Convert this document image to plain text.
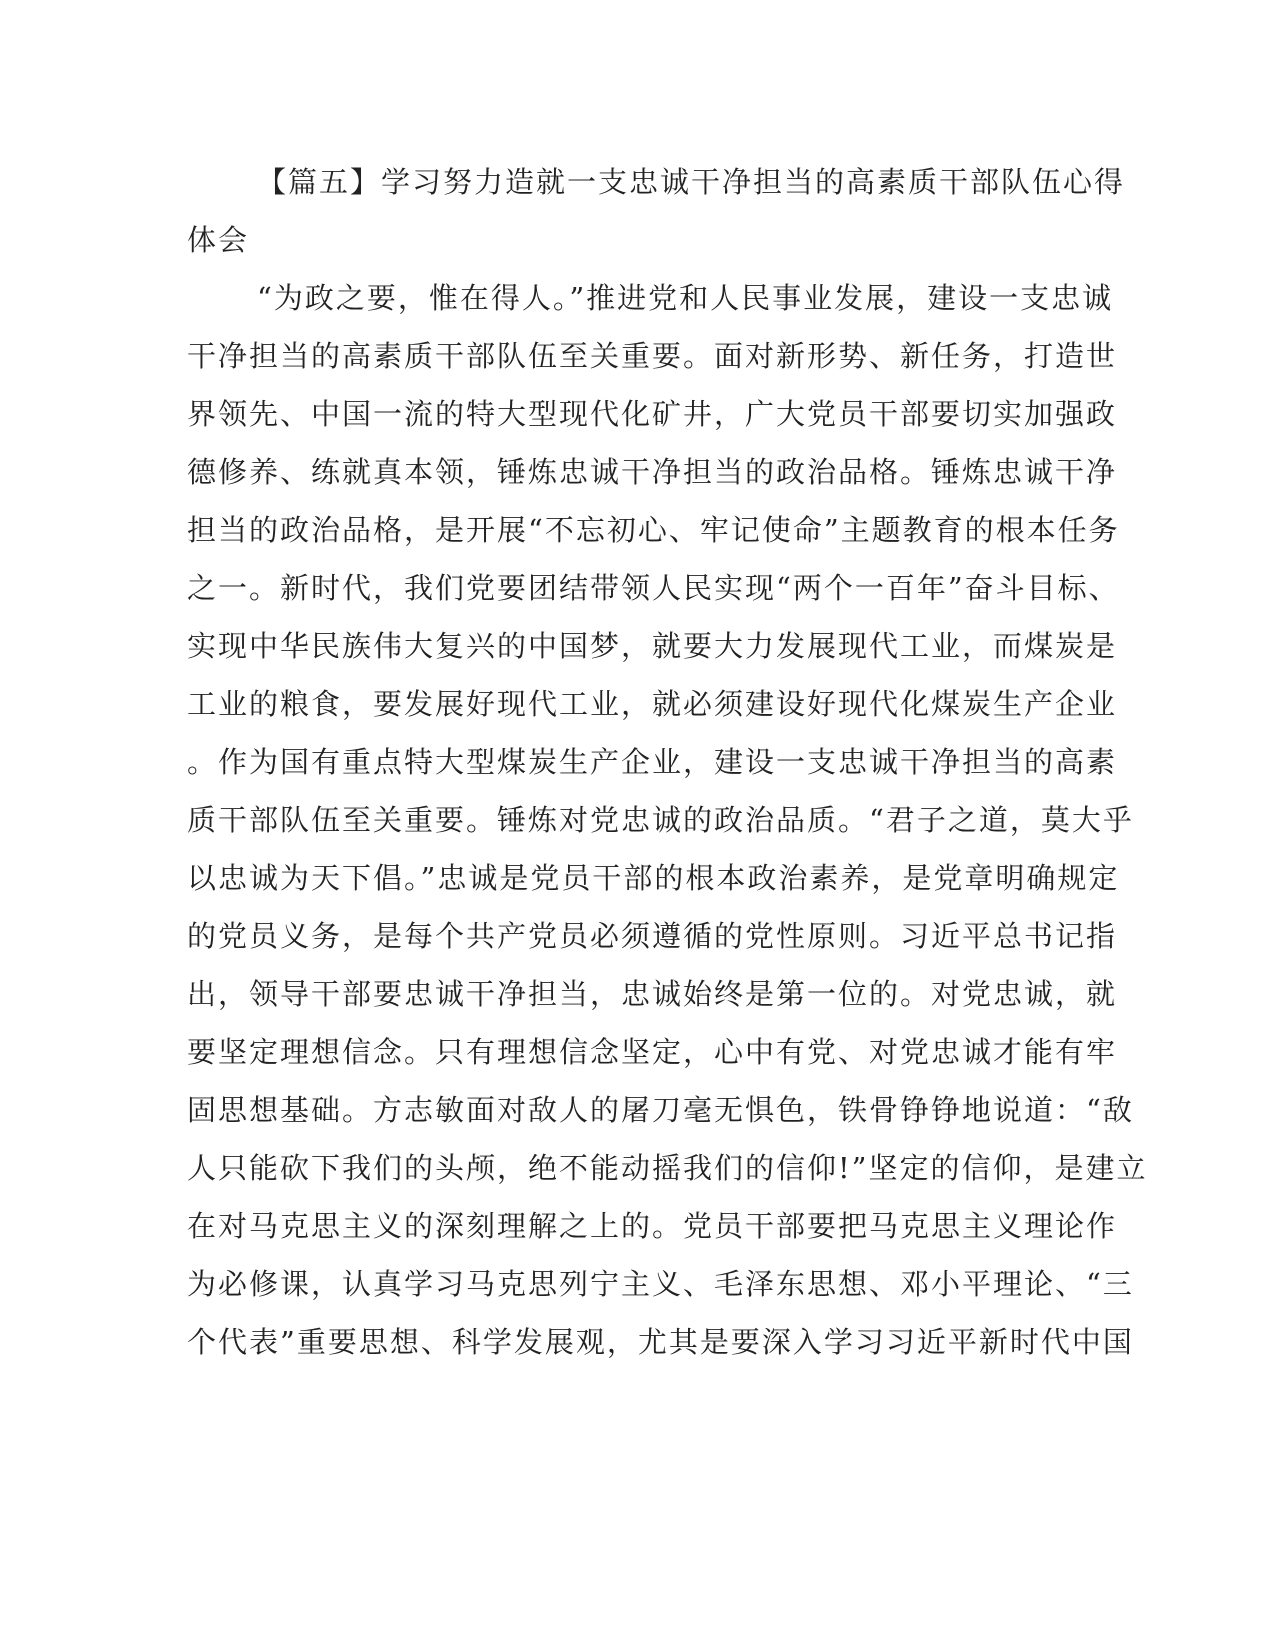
【篇五】学习努力造就一支忠诚干净担当的高素质干部队伍心得
体会
“为政之要，惟在得人。”推进党和人民事业发展，建设一支忠诚
干净担当的高素质干部队伍至关重要。面对新形势、新任务，打造世
界领先、中国一流的特大型现代化矿井，广大党员干部要切实加强政
德修养、练就真本领，锤炼忠诚干净担当的政治品格。锤炼忠诚干净
担当的政治品格，是开展“不忘初心、牢记使命”主题教育的根本任务
之一。新时代，我们党要团结带领人民实现“两个一百年”奋斗目标、
实现中华民族伟大复兴的中国梦，就要大力发展现代工业，而煤炭是
工业的粮食，要发展好现代工业，就必须建设好现代化煤炭生产企业
。作为国有重点特大型煤炭生产企业，建设一支忠诚干净担当的高素
质干部队伍至关重要。锤炼对党忠诚的政治品质。“君子之道，莫大乎
以忠诚为天下倡。”忠诚是党员干部的根本政治素养，是党章明确规定
的党员义务，是每个共产党员必须遵循的党性原则。习近平总书记指
出，领导干部要忠诚干净担当，忠诚始终是第一位的。对党忠诚，就
要坚定理想信念。只有理想信念坚定，心中有党、对党忠诚才能有牢
固思想基础。方志敏面对敌人的屠刀毫无惧色，铁骨铮铮地说道：“敌
人只能砍下我们的头颅，绝不能动摇我们的信仰!”坚定的信仰，是建立
在对马克思主义的深刻理解之上的。党员干部要把马克思主义理论作
为必修课，认真学习马克思列宁主义、毛泽东思想、邓小平理论、“三
个代表”重要思想、科学发展观，尤其是要深入学习习近平新时代中国
